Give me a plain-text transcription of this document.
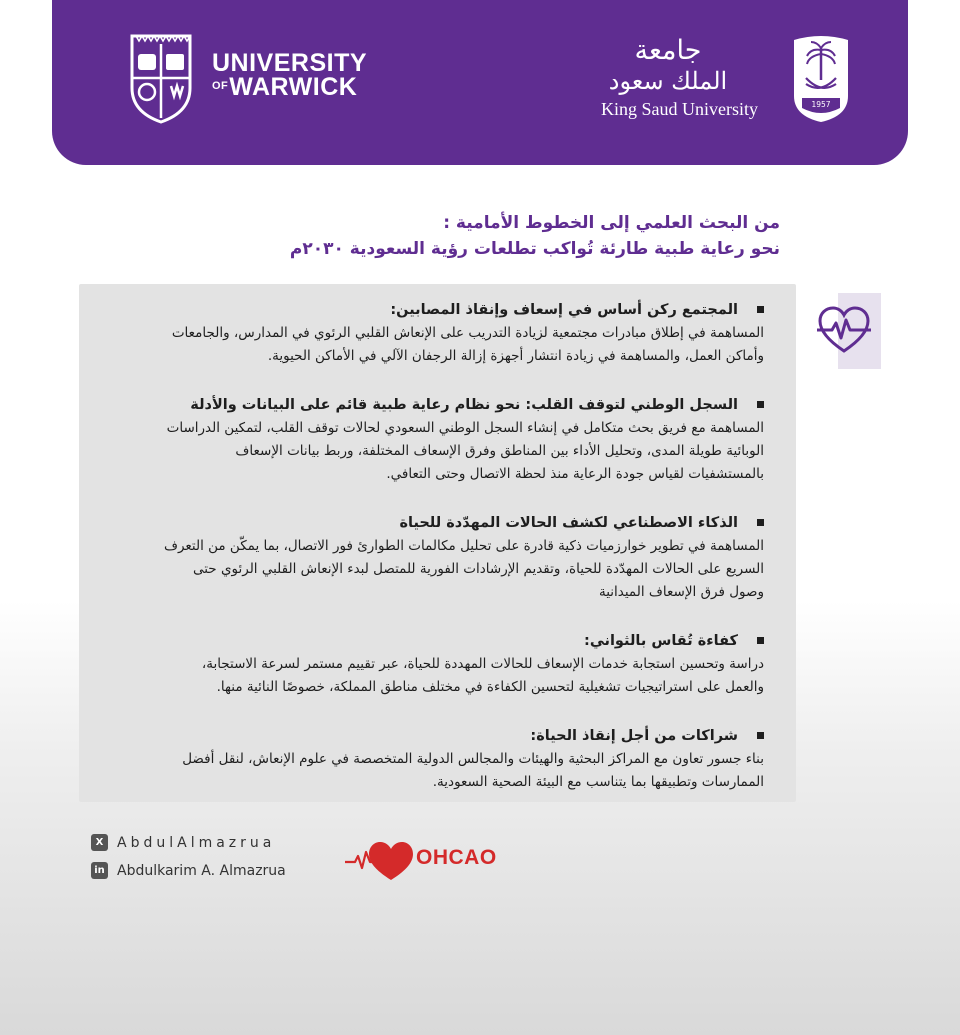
UNIVERSITY
$^{OF}$WARWICK
جامعة
الملك سعود
King Saud University	1957
من البحث العلمي إلى الخطوط الأمامية :
نحو رعاية طبية طارئة تُواكب تطلعات رؤية السعودية ٢٠٣٠م
المجتمع ركن أساس في إسعاف وإنقاذ المصابين:
المساهمة في إطلاق مبادرات مجتمعية لزيادة التدريب على الإنعاش القلبي الرئوي في المدارس، والجامعات
وأماكن العمل، والمساهمة في زيادة انتشار أجهزة إزالة الرجفان الآلي في الأماكن الحيوية.
السجل الوطني لتوقف القلب: نحو نظام رعاية طبية قائم على البيانات والأدلة
المساهمة مع فريق بحث متكامل في إنشاء السجل الوطني السعودي لحالات توقف القلب، لتمكين الدراسات
الوبائية طويلة المدى، وتحليل الأداء بين المناطق وفرق الإسعاف المختلفة، وربط بيانات الإسعاف
بالمستشفيات لقياس جودة الرعاية منذ لحظة الاتصال وحتى التعافي.
الذكاء الاصطناعي لكشف الحالات المهدّدة للحياة
المساهمة في تطوير خوارزميات ذكية قادرة على تحليل مكالمات الطوارئ فور الاتصال، بما يمكّن من التعرف
السريع على الحالات المهدّدة للحياة، وتقديم الإرشادات الفورية للمتصل لبدء الإنعاش القلبي الرئوي حتى
وصول فرق الإسعاف الميدانية
كفاءة تُقاس بالثواني:
دراسة وتحسين استجابة خدمات الإسعاف للحالات المهددة للحياة، عبر تقييم مستمر لسرعة الاستجابة،
والعمل على استراتيجيات تشغيلية لتحسين الكفاءة في مختلف مناطق المملكة، خصوصًا النائية منها.
شراكات من أجل إنقاذ الحياة:
بناء جسور تعاون مع المراكز البحثية والهيئات والمجالس الدولية المتخصصة في علوم الإنعاش، لنقل أفضل
الممارسات وتطبيقها بما يتناسب مع البيئة الصحية السعودية.
X AbdulAlmazrua
in Abdulkarim A. Almazrua
OHCAO
